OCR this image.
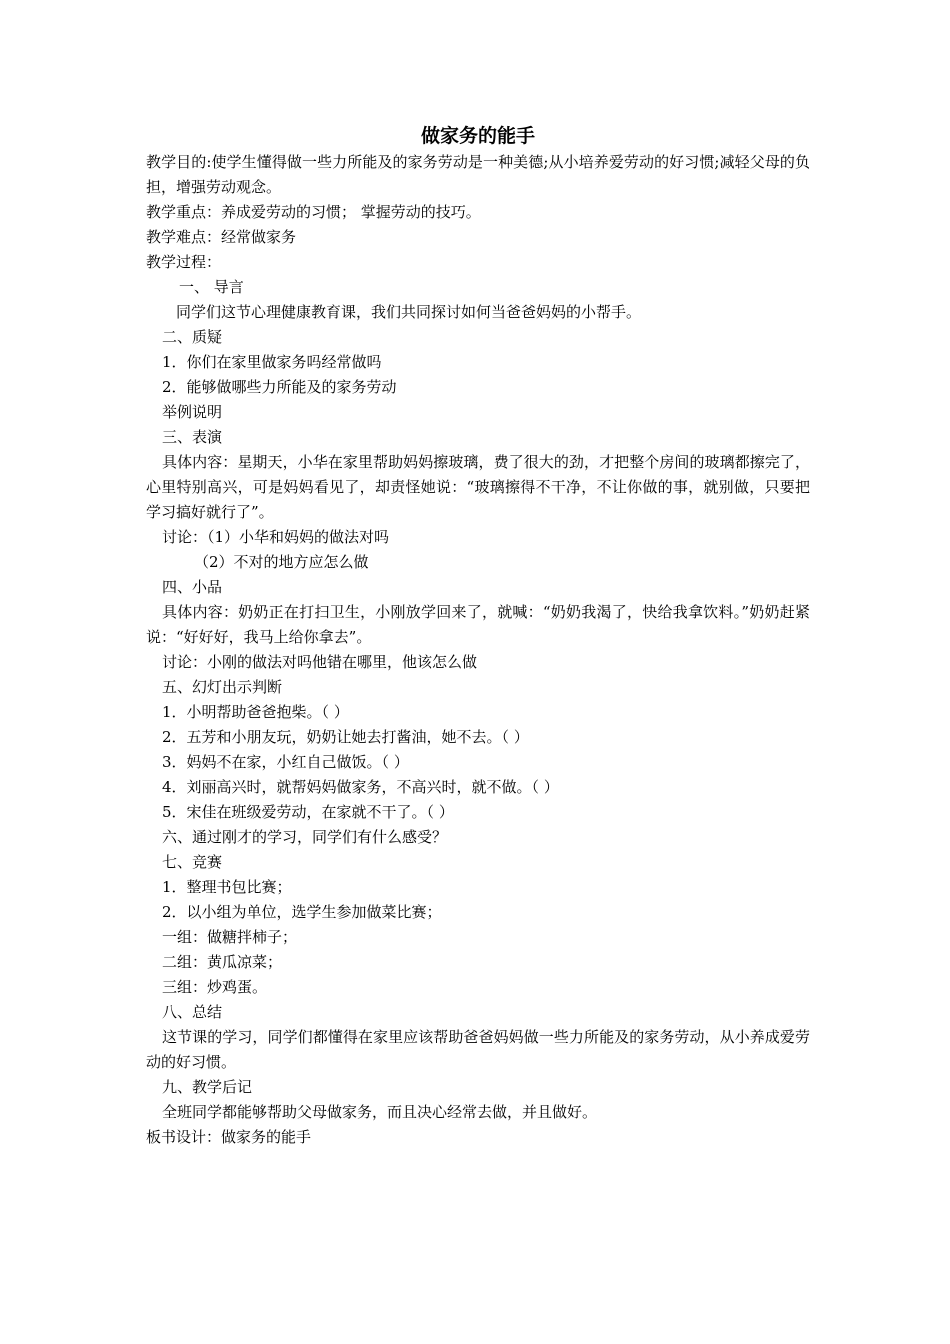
做家务的能手

教学目的:使学生懂得做一些力所能及的家务劳动是一种美德;从小培养爱劳动的好习惯;减轻父母的负担，增强劳动观念。

教学重点：养成爱劳动的习惯； 掌握劳动的技巧。

教学难点：经常做家务

教学过程：

一、 导言

同学们这节心理健康教育课，我们共同探讨如何当爸爸妈妈的小帮手。

二、质疑

1．你们在家里做家务吗经常做吗

2．能够做哪些力所能及的家务劳动

举例说明

三、表演

具体内容：星期天，小华在家里帮助妈妈擦玻璃，费了很大的劲，才把整个房间的玻璃都擦完了，心里特别高兴，可是妈妈看见了，却责怪她说：“玻璃擦得不干净，不让你做的事，就别做，只要把学习搞好就行了”。

讨论：（1）小华和妈妈的做法对吗

（2）不对的地方应怎么做

四、小品

具体内容：奶奶正在打扫卫生，小刚放学回来了，就喊：“奶奶我渴了，快给我拿饮料。”奶奶赶紧说：“好好好，我马上给你拿去”。

讨论：小刚的做法对吗他错在哪里，他该怎么做

五、幻灯出示判断

1．小明帮助爸爸抱柴。（ ）

2．五芳和小朋友玩，奶奶让她去打酱油，她不去。（ ）

3．妈妈不在家，小红自己做饭。（ ）

4．刘丽高兴时，就帮妈妈做家务，不高兴时，就不做。（ ）

5．宋佳在班级爱劳动，在家就不干了。（ ）

六、通过刚才的学习，同学们有什么感受？

七、竞赛

1．整理书包比赛；

2．以小组为单位，选学生参加做菜比赛；

一组：做糖拌柿子；

二组：黄瓜凉菜；

三组：炒鸡蛋。

八、总结

这节课的学习，同学们都懂得在家里应该帮助爸爸妈妈做一些力所能及的家务劳动，从小养成爱劳动的好习惯。

九、教学后记

全班同学都能够帮助父母做家务，而且决心经常去做，并且做好。

板书设计：做家务的能手
